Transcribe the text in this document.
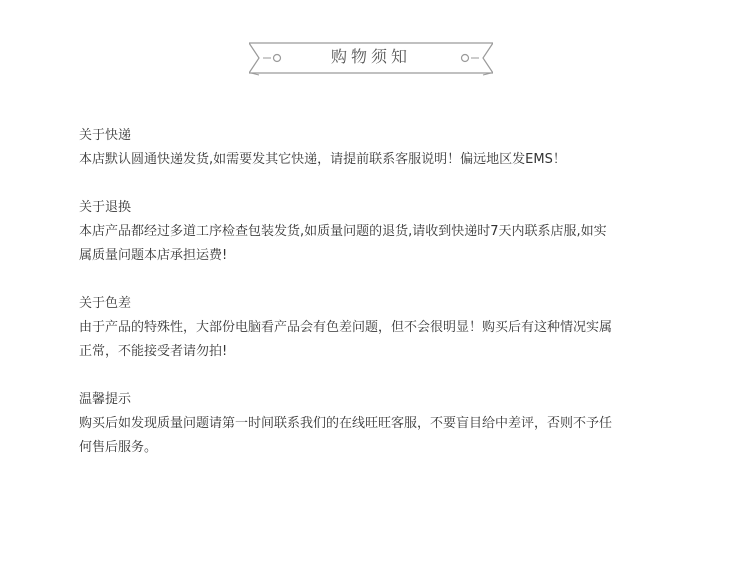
购物须知
关于快递
本店默认圆通快递发货,如需要发其它快递，请提前联系客服说明！偏远地区发EMS！
关于退换
本店产品都经过多道工序检查包装发货,如质量问题的退货,请收到快递时7天内联系店服,如实
属质量问题本店承担运费!
关于色差
由于产品的特殊性，大部份电脑看产品会有色差问题，但不会很明显！购买后有这种情况实属
正常，不能接受者请勿拍!
温馨提示
购买后如发现质量问题请第一时间联系我们的在线旺旺客服，不要盲目给中差评，否则不予任
何售后服务。
